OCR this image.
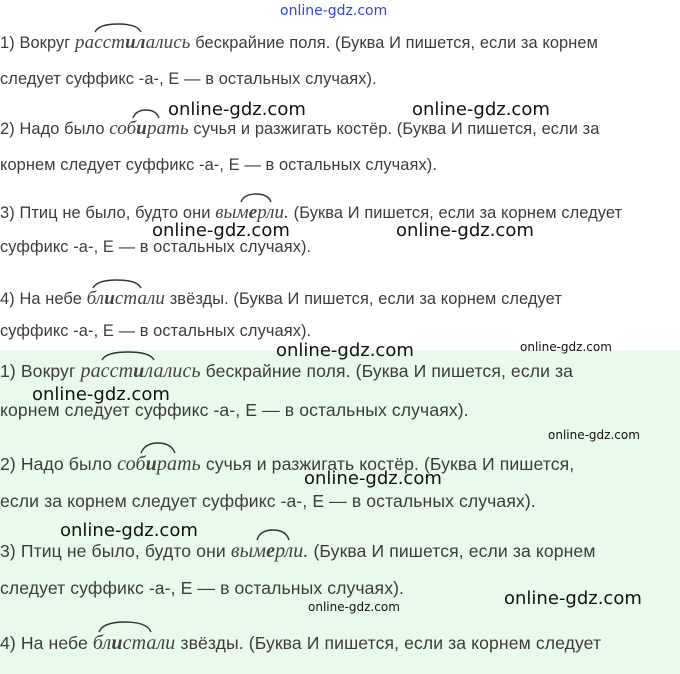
1) Вокруг расстилались бескрайние поля. (Буква И пишется, если за корнем
следует суффикс -а-, Е — в остальных случаях).
2) Надо было собирать сучья и разжигать костёр. (Буква И пишется, если за
корнем следует суффикс -а-, Е — в остальных случаях).
3) Птиц не было, будто они вымерли. (Буква И пишется, если за корнем следует
суффикс -а-, Е — в остальных случаях).
4) На небе блистали звёзды. (Буква И пишется, если за корнем следует
суффикс -а-, Е — в остальных случаях).
1) Вокруг расстилались бескрайние поля. (Буква И пишется, если за
корнем следует суффикс -а-, Е — в остальных случаях).
2) Надо было собирать сучья и разжигать костёр. (Буква И пишется,
если за корнем следует суффикс -а-, Е — в остальных случаях).
3) Птиц не было, будто они вымерли. (Буква И пишется, если за корнем
следует суффикс -а-, Е — в остальных случаях).
4) На небе блистали звёзды. (Буква И пишется, если за корнем следует
online-gdz.com
online-gdz.com	online-gdz.com
online-gdz.com	online-gdz.com
online-gdz.com	online-gdz.com
online-gdz.com
online-gdz.com
online-gdz.com
online-gdz.com
online-gdz.com	online-gdz.com
